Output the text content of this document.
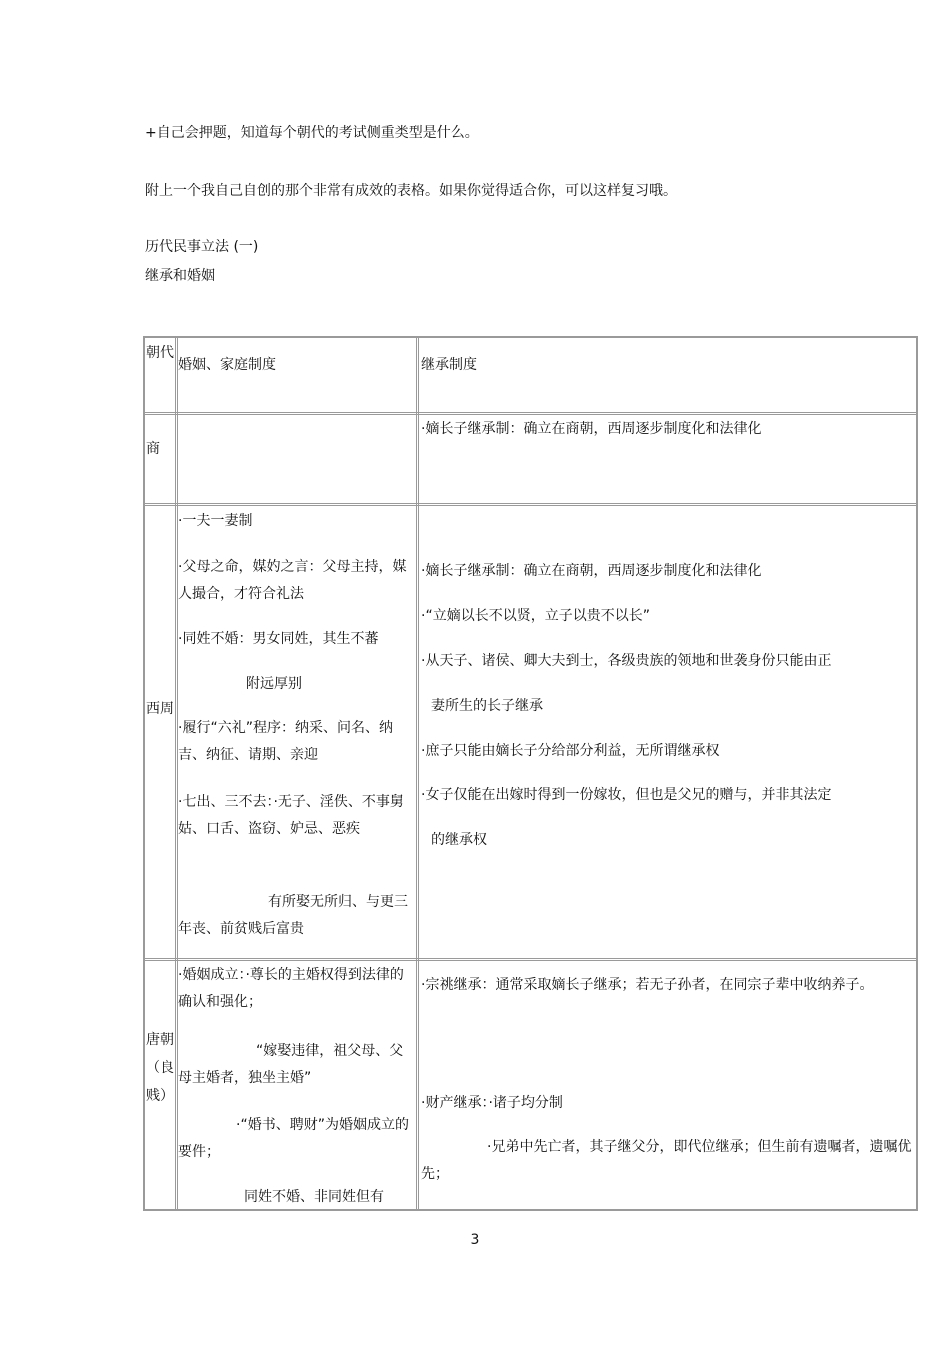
+自己会押题，知道每个朝代的考试侧重类型是什么。
附上一个我自己自创的那个非常有成效的表格。如果你觉得适合你，可以这样复习哦。
历代民事立法 (一)
继承和婚姻
朝代
婚姻、家庭制度	继承制度
商
·嫡长子继承制：确立在商朝，西周逐步制度化和法律化
西周
·一夫一妻制
·父母之命，媒妁之言：父母主持，媒人撮合，才符合礼法
·同姓不婚：男女同姓，其生不蕃
附远厚别
·履行“六礼”程序：纳采、问名、纳吉、纳征、请期、亲迎
·七出、三不去：·无子、淫佚、不事舅姑、口舌、盗窃、妒忌、恶疾
有所娶无所归、与更三年丧、前贫贱后富贵
·嫡长子继承制：确立在商朝，西周逐步制度化和法律化
·“立嫡以长不以贤，立子以贵不以长”
·从天子、诸侯、卿大夫到士，各级贵族的领地和世袭身份只能由正
妻所生的长子继承
·庶子只能由嫡长子分给部分利益，无所谓继承权
·女子仅能在出嫁时得到一份嫁妆，但也是父兄的赠与，并非其法定
的继承权
唐朝（良贱）
·婚姻成立：·尊长的主婚权得到法律的确认和强化；
“嫁娶违律，祖父母、父母主婚者，独坐主婚”
·“婚书、聘财”为婚姻成立的要件；
同姓不婚、非同姓但有
·宗祧继承：通常采取嫡长子继承；若无子孙者，在同宗子辈中收纳养子。
·财产继承：·诸子均分制
·兄弟中先亡者，其子继父分，即代位继承；但生前有遗嘱者，遗嘱优先；
3
